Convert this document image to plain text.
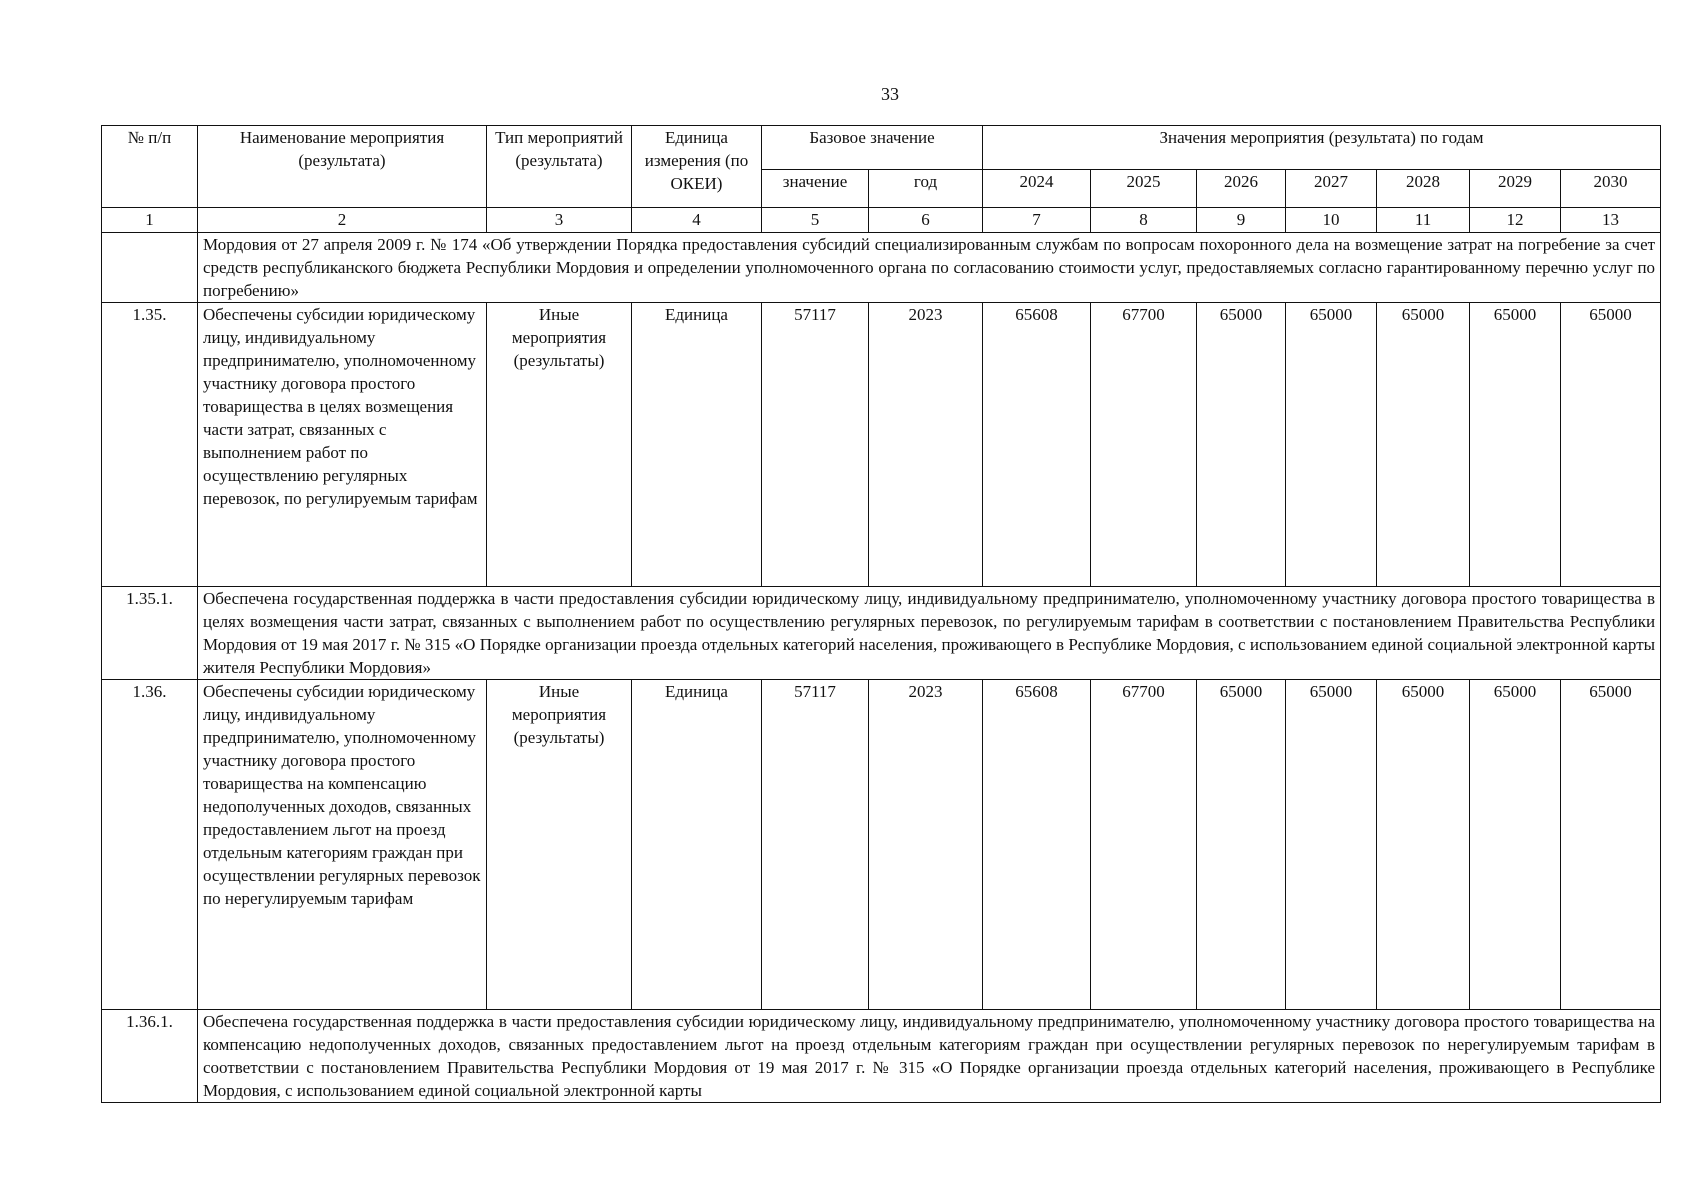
33
№ п/п	Наименование мероприятия (результата)	Тип мероприятий (результата)	Единица измерения (по ОКЕИ)	Базовое значение		Значения мероприятия (результата) по годам						
				значение	год	2024	2025	2026	2027	2028	2029	2030
1	2	3	4	5	6	7	8	9	10	11	12	13
	Мордовия от 27 апреля 2009 г. № 174 «Об утверждении Порядка предоставления субсидий специализированным службам по вопросам похоронного дела на возмещение затрат на погребение за счет средств республиканского бюджета Республики Мордовия и определении уполномоченного органа по согласованию стоимости услуг, предоставляемых согласно гарантированному перечню услуг по погребению»											
1.35.	Обеспечены субсидии юридическому лицу, индивидуальному предпринимателю, уполномоченному участнику договора простого товарищества в целях возмещения части затрат, связанных с выполнением работ по осуществлению регулярных перевозок, по регулируемым тарифам	Иные мероприятия (результаты)	Единица	57117	2023	65608	67700	65000	65000	65000	65000	65000
1.35.1.	Обеспечена государственная поддержка в части предоставления субсидии юридическому лицу, индивидуальному предпринимателю, уполномоченному участнику договора простого товарищества в целях возмещения части затрат, связанных с выполнением работ по осуществлению регулярных перевозок, по регулируемым тарифам в соответствии с постановлением Правительства Республики Мордовия от 19 мая 2017 г. № 315 «О Порядке организации проезда отдельных категорий населения, проживающего в Республике Мордовия, с использованием единой социальной электронной карты жителя Республики Мордовия»											
1.36.	Обеспечены субсидии юридическому лицу, индивидуальному предпринимателю, уполномоченному участнику договора простого товарищества на компенсацию недополученных доходов, связанных предоставлением льгот на проезд отдельным категориям граждан при осуществлении регулярных перевозок по нерегулируемым тарифам	Иные мероприятия (результаты)	Единица	57117	2023	65608	67700	65000	65000	65000	65000	65000
1.36.1.	Обеспечена государственная поддержка в части предоставления субсидии юридическому лицу, индивидуальному предпринимателю, уполномоченному участнику договора простого товарищества на компенсацию недополученных доходов, связанных предоставлением льгот на проезд отдельным категориям граждан при осуществлении регулярных перевозок по нерегулируемым тарифам в соответствии с постановлением Правительства Республики Мордовия от 19 мая 2017 г. № 315 «О Порядке организации проезда отдельных категорий населения, проживающего в Республике Мордовия, с использованием единой социальной электронной карты											
